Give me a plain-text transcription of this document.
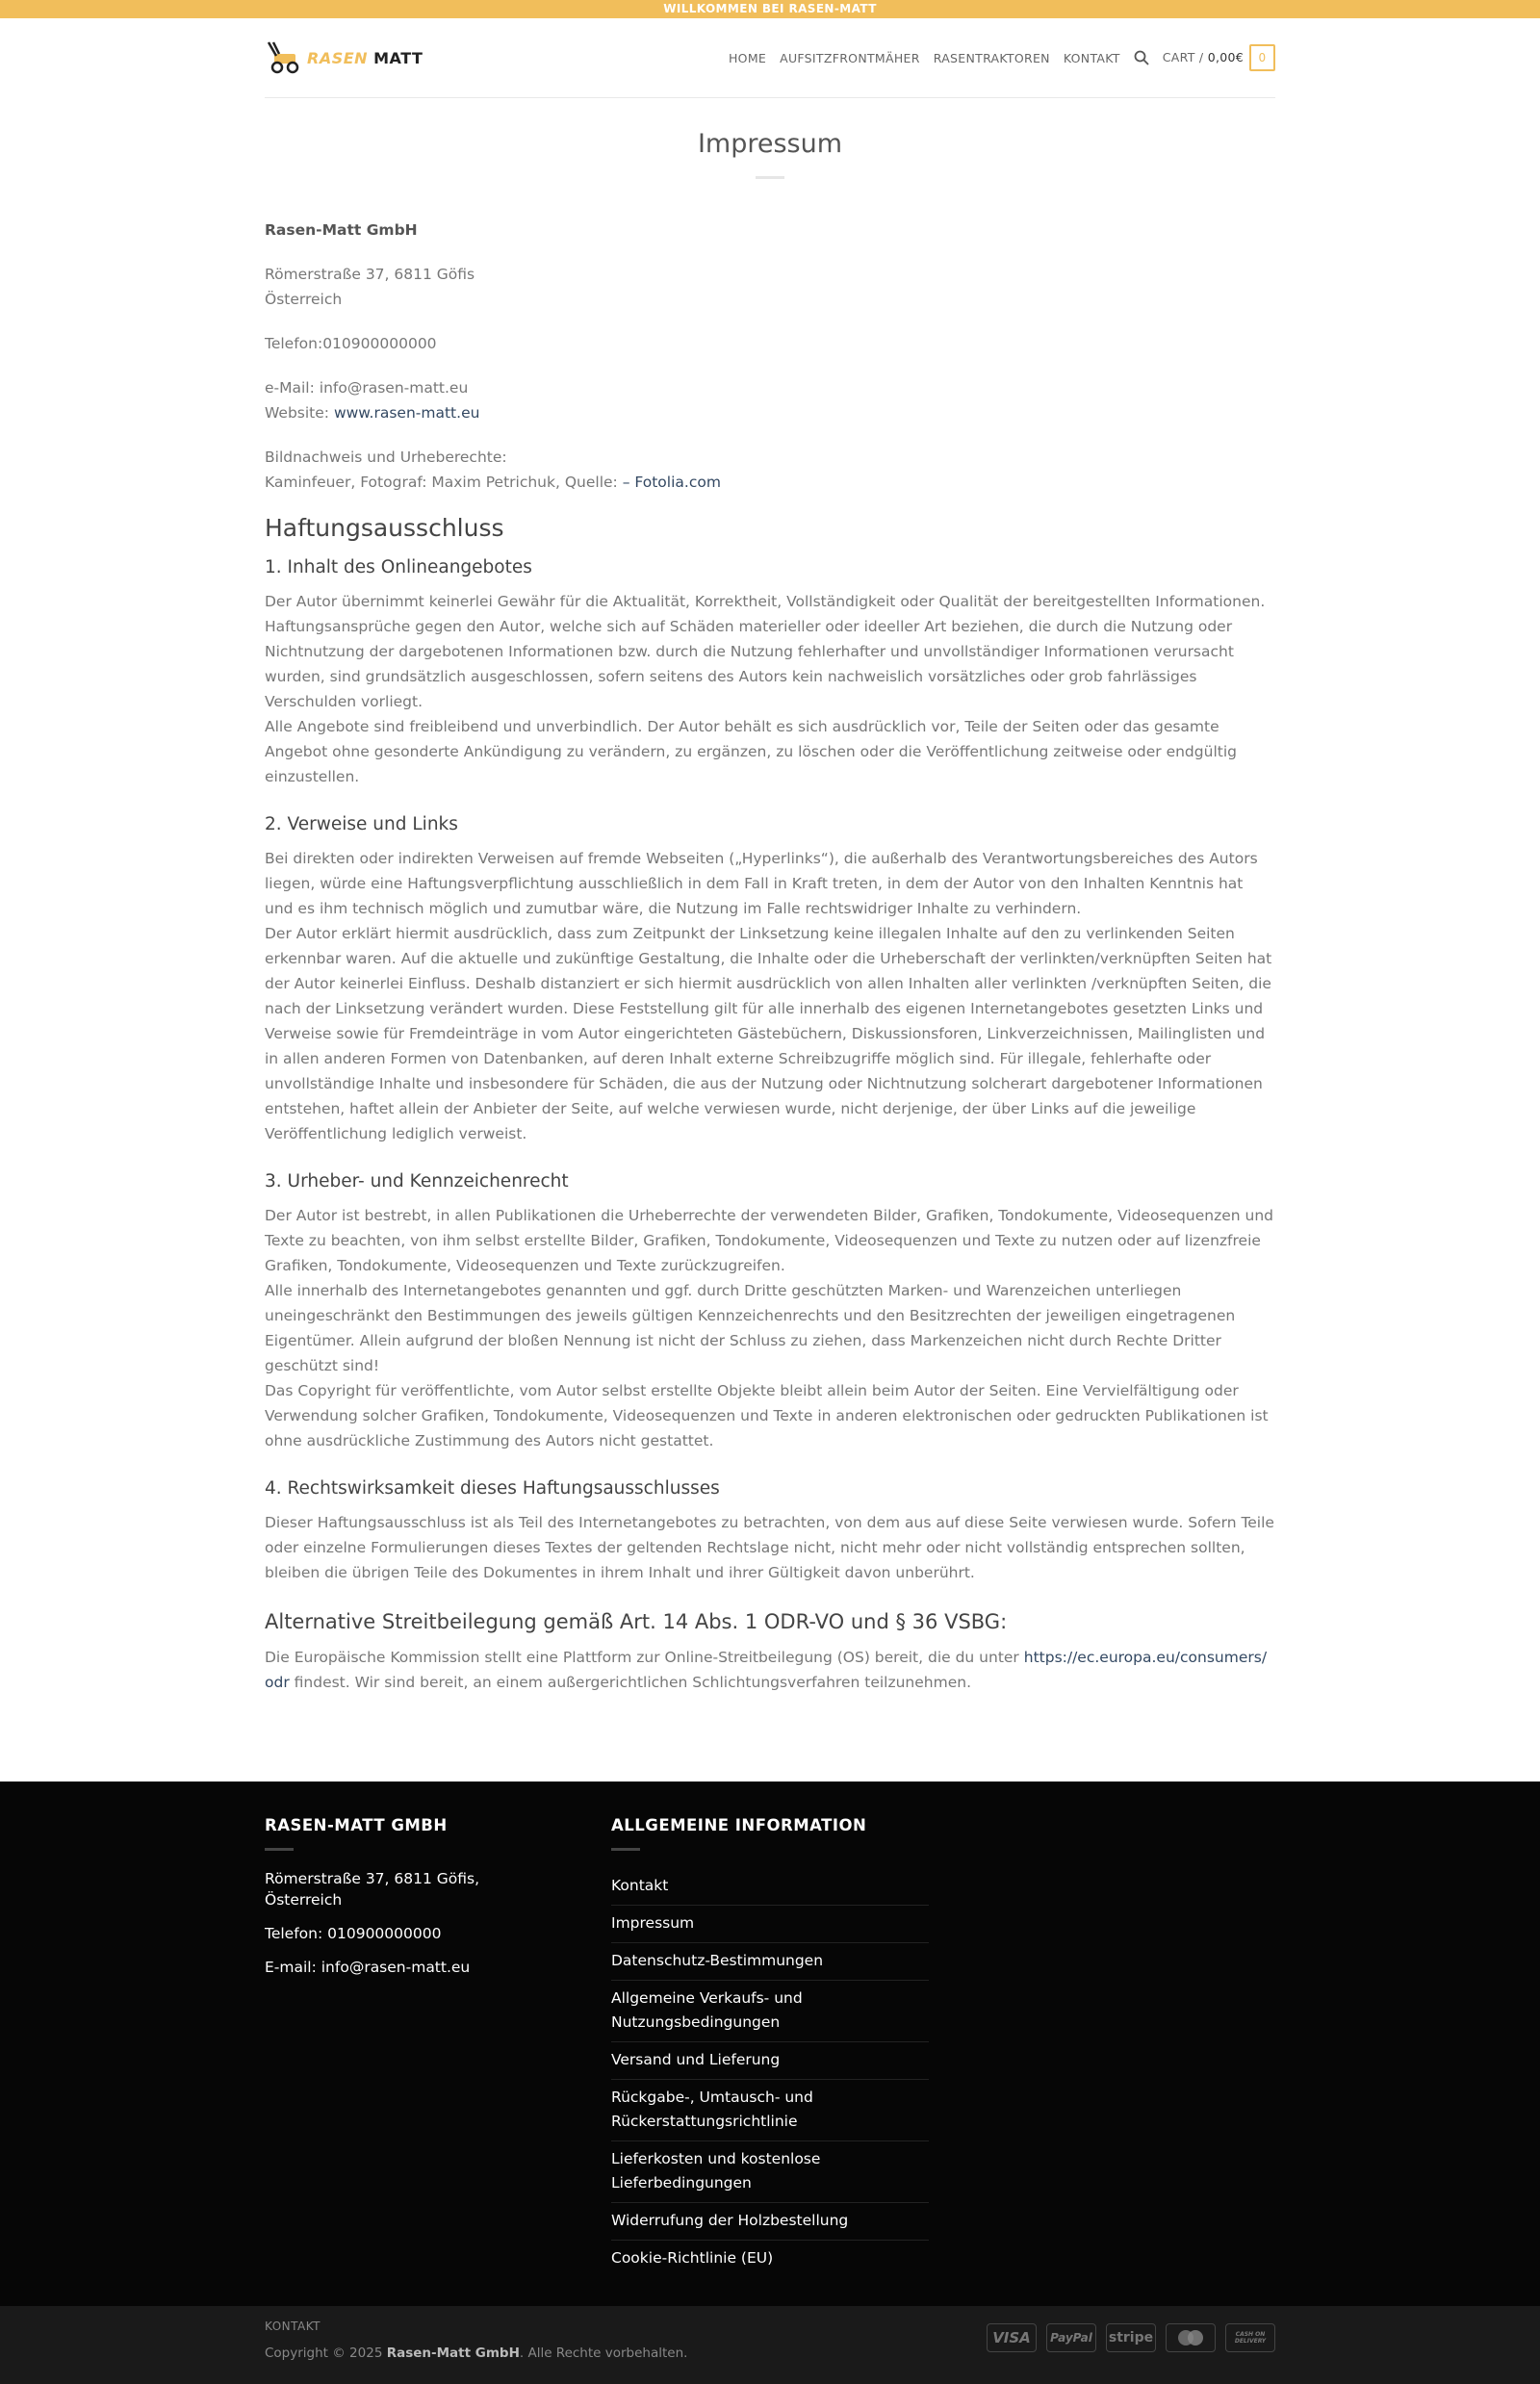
WILLKOMMEN BEI RASEN-MATT
RASEN MATT	HOME AUFSITZFRONTMÄHER RASENTRAKTOREN KONTAKT	CART / 0,00€ 0
Impressum

Rasen-Matt GmbH

Römerstraße 37, 6811 Göfis
Österreich

Telefon:010900000000

e-Mail: info@rasen-matt.eu
Website: www.rasen-matt.eu

Bildnachweis und Urheberechte:
Kaminfeuer, Fotograf: Maxim Petrichuk, Quelle: – Fotolia.com

Haftungsausschluss
1. Inhalt des Onlineangebotes

Der Autor übernimmt keinerlei Gewähr für die Aktualität, Korrektheit, Vollständigkeit oder Qualität der bereitgestellten Informationen. Haftungsansprüche gegen den Autor, welche sich auf Schäden materieller oder ideeller Art beziehen, die durch die Nutzung oder Nichtnutzung der dargebotenen Informationen bzw. durch die Nutzung fehlerhafter und unvollständiger Informationen verursacht wurden, sind grundsätzlich ausgeschlossen, sofern seitens des Autors kein nachweislich vorsätzliches oder grob fahrlässiges Verschulden vorliegt.
Alle Angebote sind freibleibend und unverbindlich. Der Autor behält es sich ausdrücklich vor, Teile der Seiten oder das gesamte Angebot ohne gesonderte Ankündigung zu verändern, zu ergänzen, zu löschen oder die Veröffentlichung zeitweise oder endgültig einzustellen.

2. Verweise und Links

Bei direkten oder indirekten Verweisen auf fremde Webseiten („Hyperlinks“), die außerhalb des Verantwortungsbereiches des Autors liegen, würde eine Haftungsverpflichtung ausschließlich in dem Fall in Kraft treten, in dem der Autor von den Inhalten Kenntnis hat und es ihm technisch möglich und zumutbar wäre, die Nutzung im Falle rechtswidriger Inhalte zu verhindern.
Der Autor erklärt hiermit ausdrücklich, dass zum Zeitpunkt der Linksetzung keine illegalen Inhalte auf den zu verlinkenden Seiten erkennbar waren. Auf die aktuelle und zukünftige Gestaltung, die Inhalte oder die Urheberschaft der verlinkten/verknüpften Seiten hat der Autor keinerlei Einfluss. Deshalb distanziert er sich hiermit ausdrücklich von allen Inhalten aller verlinkten /verknüpften Seiten, die nach der Linksetzung verändert wurden. Diese Feststellung gilt für alle innerhalb des eigenen Internetangebotes gesetzten Links und Verweise sowie für Fremdeinträge in vom Autor eingerichteten Gästebüchern, Diskussionsforen, Linkverzeichnissen, Mailinglisten und in allen anderen Formen von Datenbanken, auf deren Inhalt externe Schreibzugriffe möglich sind. Für illegale, fehlerhafte oder unvollständige Inhalte und insbesondere für Schäden, die aus der Nutzung oder Nichtnutzung solcherart dargebotener Informationen entstehen, haftet allein der Anbieter der Seite, auf welche verwiesen wurde, nicht derjenige, der über Links auf die jeweilige Veröffentlichung lediglich verweist.

3. Urheber- und Kennzeichenrecht

Der Autor ist bestrebt, in allen Publikationen die Urheberrechte der verwendeten Bilder, Grafiken, Tondokumente, Videosequenzen und Texte zu beachten, von ihm selbst erstellte Bilder, Grafiken, Tondokumente, Videosequenzen und Texte zu nutzen oder auf lizenzfreie Grafiken, Tondokumente, Videosequenzen und Texte zurückzugreifen.
Alle innerhalb des Internetangebotes genannten und ggf. durch Dritte geschützten Marken- und Warenzeichen unterliegen uneingeschränkt den Bestimmungen des jeweils gültigen Kennzeichenrechts und den Besitzrechten der jeweiligen eingetragenen Eigentümer. Allein aufgrund der bloßen Nennung ist nicht der Schluss zu ziehen, dass Markenzeichen nicht durch Rechte Dritter geschützt sind!
Das Copyright für veröffentlichte, vom Autor selbst erstellte Objekte bleibt allein beim Autor der Seiten. Eine Vervielfältigung oder Verwendung solcher Grafiken, Tondokumente, Videosequenzen und Texte in anderen elektronischen oder gedruckten Publikationen ist ohne ausdrückliche Zustimmung des Autors nicht gestattet.

4. Rechtswirksamkeit dieses Haftungsausschlusses

Dieser Haftungsausschluss ist als Teil des Internetangebotes zu betrachten, von dem aus auf diese Seite verwiesen wurde. Sofern Teile oder einzelne Formulierungen dieses Textes der geltenden Rechtslage nicht, nicht mehr oder nicht vollständig entsprechen sollten, bleiben die übrigen Teile des Dokumentes in ihrem Inhalt und ihrer Gültigkeit davon unberührt.

Alternative Streitbeilegung gemäß Art. 14 Abs. 1 ODR-VO und § 36 VSBG:

Die Europäische Kommission stellt eine Plattform zur Online-Streitbeilegung (OS) bereit, die du unter https://ec.europa.eu/consumers/odr findest. Wir sind bereit, an einem außergerichtlichen Schlichtungsverfahren teilzunehmen.

RASEN-MATT GMBH
Römerstraße 37, 6811 Göfis, Österreich
Telefon: 010900000000
E-mail: info@rasen-matt.eu
ALLGEMEINE INFORMATION
Kontakt
Impressum
Datenschutz-Bestimmungen
Allgemeine Verkaufs- und Nutzungsbedingungen
Versand und Lieferung
Rückgabe-, Umtausch- und Rückerstattungsrichtlinie
Lieferkosten und kostenlose Lieferbedingungen
Widerrufung der Holzbestellung
Cookie-Richtlinie (EU)
KONTAKT
Copyright © 2025 Rasen-Matt GmbH. Alle Rechte vorbehalten.
VISA	PayPal stripe	CASH ON DELIVERY
